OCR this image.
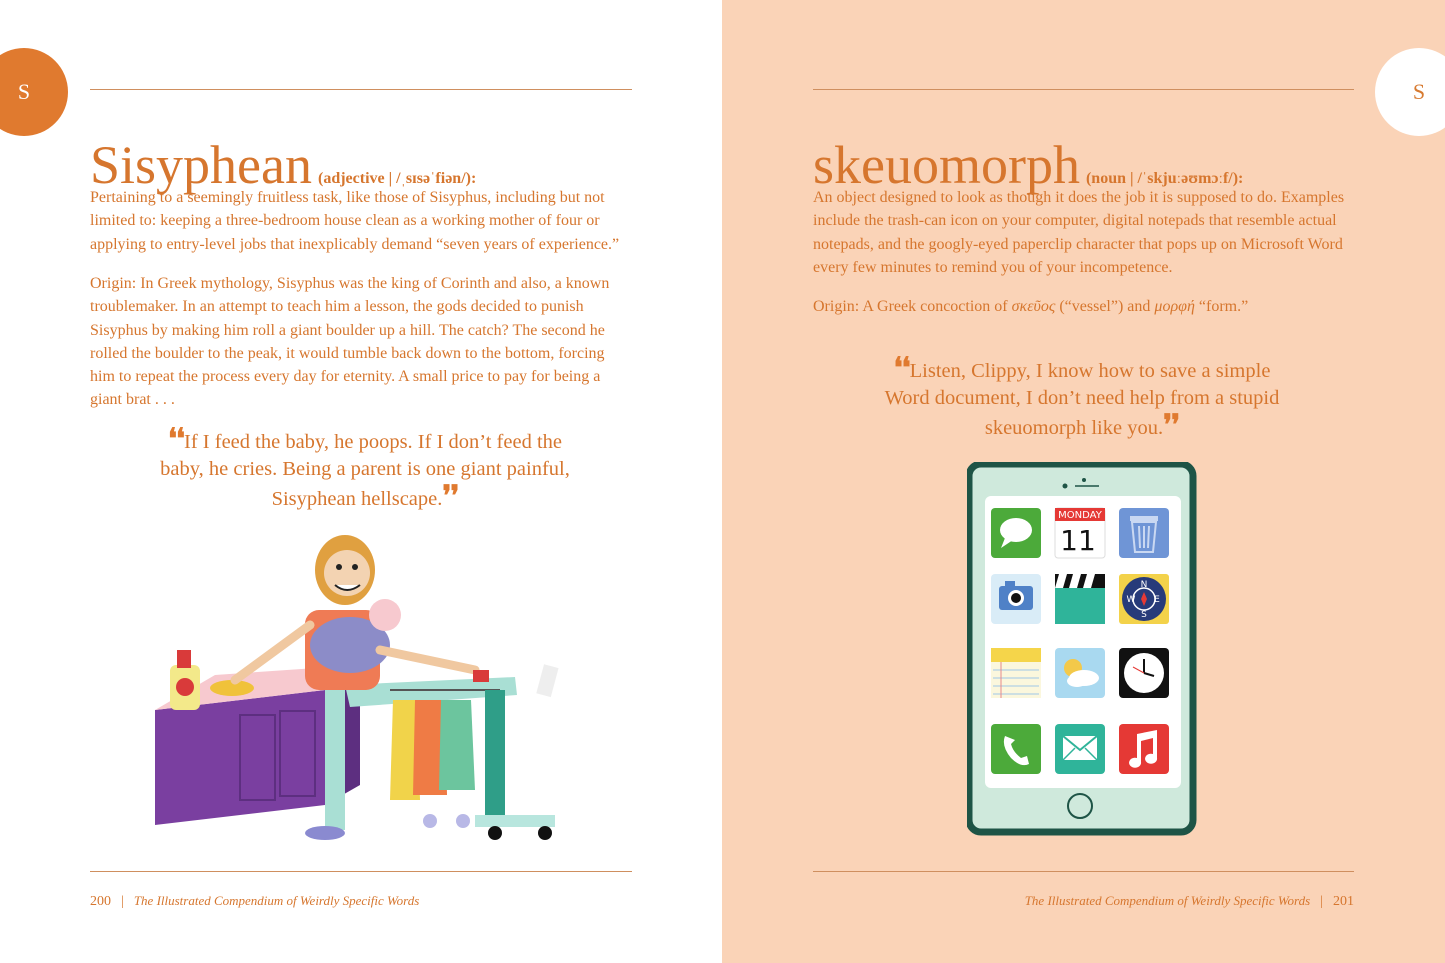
S
Sisyphean (adjective | /ˌsɪsəˈfiən/):

Pertaining to a seemingly fruitless task, like those of Sisyphus, including but not limited to: keeping a three-bedroom house clean as a working mother of four or applying to entry-level jobs that inexplicably demand “seven years of experience.”

Origin: In Greek mythology, Sisyphus was the king of Corinth and also, a known troublemaker. In an attempt to teach him a lesson, the gods decided to punish Sisyphus by making him roll a giant boulder up a hill. The catch? The second he rolled the boulder to the peak, it would tumble back down to the bottom, forcing him to repeat the process every day for eternity. A small price to pay for being a giant brat . . .

❛❛If I feed the baby, he poops. If I don’t feed the baby, he cries. Being a parent is one giant painful, Sisyphean hellscape.❜❜

200 | The Illustrated Compendium of Weirdly Specific Words
S
skeuomorph (noun | /ˈskjuːəʊmɔːf/):

An object designed to look as though it does the job it is supposed to do. Examples include the trash-can icon on your computer, digital notepads that resemble actual notepads, and the googly-eyed paperclip character that pops up on Microsoft Word every few minutes to remind you of your incompetence.

Origin: A Greek concoction of σκεῦος (“vessel”) and μορφή “form.”

❛❛Listen, Clippy, I know how to save a simple Word document, I don’t need help from a stupid skeuomorph like you.❜❜

MONDAY
11
N
E
S
W
The Illustrated Compendium of Weirdly Specific Words | 201
